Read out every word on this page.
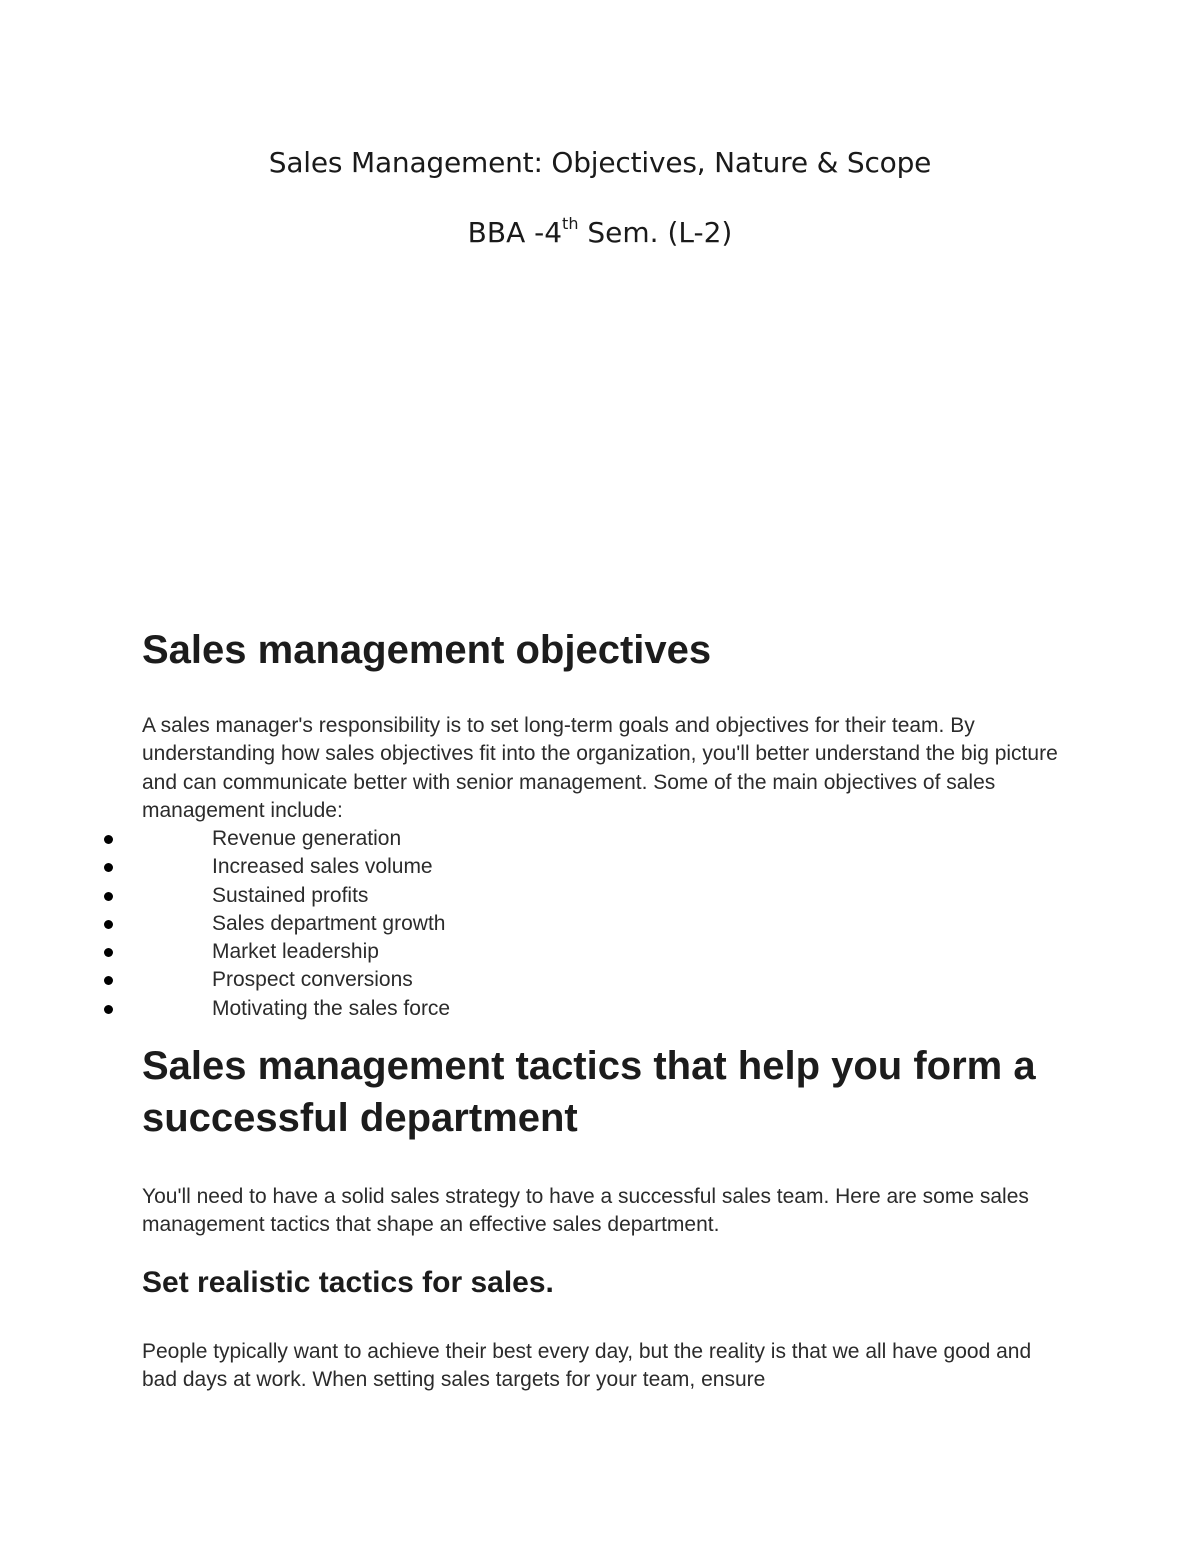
Sales Management: Objectives, Nature & Scope
BBA -4th Sem. (L-2)
Sales management objectives

A sales manager's responsibility is to set long-term goals and objectives for their team. By understanding how sales objectives fit into the organization, you'll better understand the big picture and can communicate better with senior management. Some of the main objectives of sales management include:

Revenue generation
Increased sales volume
Sustained profits
Sales department growth
Market leadership
Prospect conversions
Motivating the sales force
Sales management tactics that help you form a successful department

You'll need to have a solid sales strategy to have a successful sales team. Here are some sales management tactics that shape an effective sales department.

Set realistic tactics for sales.

People typically want to achieve their best every day, but the reality is that we all have good and bad days at work. When setting sales targets for your team, ensure
